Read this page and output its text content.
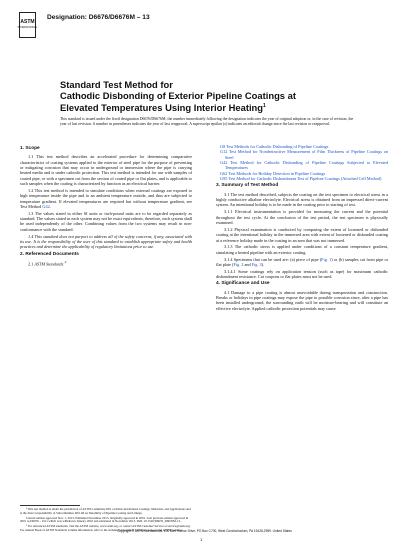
ASTM
INTERNATIONAL
Designation: D6676/D6676M – 13
Standard Test Method for
Cathodic Disbonding of Exterior Pipeline Coatings at
Elevated Temperatures Using Interior Heating$^1$
This standard is issued under the fixed designation D6676/D6676M; the number immediately following the designation indicates the year of original adoption or, in the case of revision, the year of last revision. A number in parentheses indicates the year of last reapproval. A superscript epsilon (ε) indicates an editorial change since the last revision or reapproval.
1. Scope

1.1 This test method describes an accelerated procedure for determining comparative characteristics of coating systems applied to the exterior of steel pipe for the purpose of preventing or mitigating corrosion that may occur in underground or immersion where the pipe is carrying heated media and is under cathodic protection. This test method is intended for use with samples of coated pipe, or with a specimen cut from the section of coated pipe or flat plates, and is applicable to such samples when the coating is characterized by function as an electrical barrier.

1.2 This test method is intended to simulate conditions when external coatings are exposed to high temperature inside the pipe and to an ambient temperature outside, and thus are subjected to temperature gradient. If elevated temperatures are required but without temperature gradient, see Test Method G42.

1.3 The values stated in either SI units or inch-pound units are to be regarded separately as standard. The values stated in each system may not be exact equivalents; therefore, each system shall be used independently of the other. Combining values from the two systems may result in non-conformance with the standard.

1.4 This standard does not purport to address all of the safety concerns, if any, associated with its use. It is the responsibility of the user of this standard to establish appropriate safety and health practices and determine the applicability of regulatory limitations prior to use.

2. Referenced Documents

2.1 ASTM Standards:$^2$

G8 Test Methods for Cathodic Disbonding of Pipeline Coatings

G12 Test Method for Nondestructive Measurement of Film Thickness of Pipeline Coatings on Steel

G42 Test Method for Cathodic Disbonding of Pipeline Coatings Subjected to Elevated Temperatures

G62 Test Methods for Holiday Detection in Pipeline Coatings

G95 Test Method for Cathodic Disbondment Test of Pipeline Coatings (Attached Cell Method)

3. Summary of Test Method

3.1 The test method described, subjects the coating on the test specimen to electrical stress in a highly conductive alkaline electrolyte. Electrical stress is obtained from an impressed direct-current system. An intentional holiday is to be made in the coating prior to starting of test.

3.1.1 Electrical instrumentation is provided for measuring the current and the potential throughout the test cycle. At the conclusion of the test period, the test specimen is physically examined.

3.1.2 Physical examination is conducted by comparing the extent of loosened or disbonded coating at the intentional holiday in the immersed area with extent of loosened or disbonded coating at a reference holiday made in the coating in an area that was not immersed.

3.1.3 The cathodic stress is applied under conditions of a constant temperature gradient, simulating a heated pipeline with an exterior coating.

3.1.4 Specimens that can be used are: (a) piece of pipe (Fig. 1) or (b) samples cut from pipe or flat plate (Fig. 2 and Fig. 3).

3.1.4.1 Some coatings rely on application tension (such as tape) for maximum cathodic disbondment resistance. Cut coupons or flat plates must not be used.

4. Significance and Use

4.1 Damage to a pipe coating is almost unavoidable during transportation and construction. Breaks or holidays in pipe coatings may expose the pipe to possible corrosion since, after a pipe has been installed underground, the surrounding earth will be moisture-bearing and will constitute an effective electrolyte. Applied cathodic protection potentials may cause

¹ This test method is under the jurisdiction of ASTM Committee D01 on Paint and Related Coatings, Materials, and Applications and is the direct responsibility of Subcommittee D01.48 on Durability of Pipeline Coating and Linings.

Current edition approved Nov. 1, 2013. Published November 2013. Originally approved in 2001. Last previous edition approved in 2001 as D6676 – 01ε1 which was withdrawn January 2010 and reinstated in November 2013. DOI: 10.1520/D6676_D6676M-13.

² For referenced ASTM standards, visit the ASTM website, www.astm.org, or contact ASTM Customer Service at service@astm.org. For Annual Book of ASTM Standards volume information, refer to the standard's Document Summary page on the ASTM website.

Copyright © ASTM International, 100 Barr Harbor Drive, PO Box C700, West Conshohocken, PA 19428-2959. United States
1
